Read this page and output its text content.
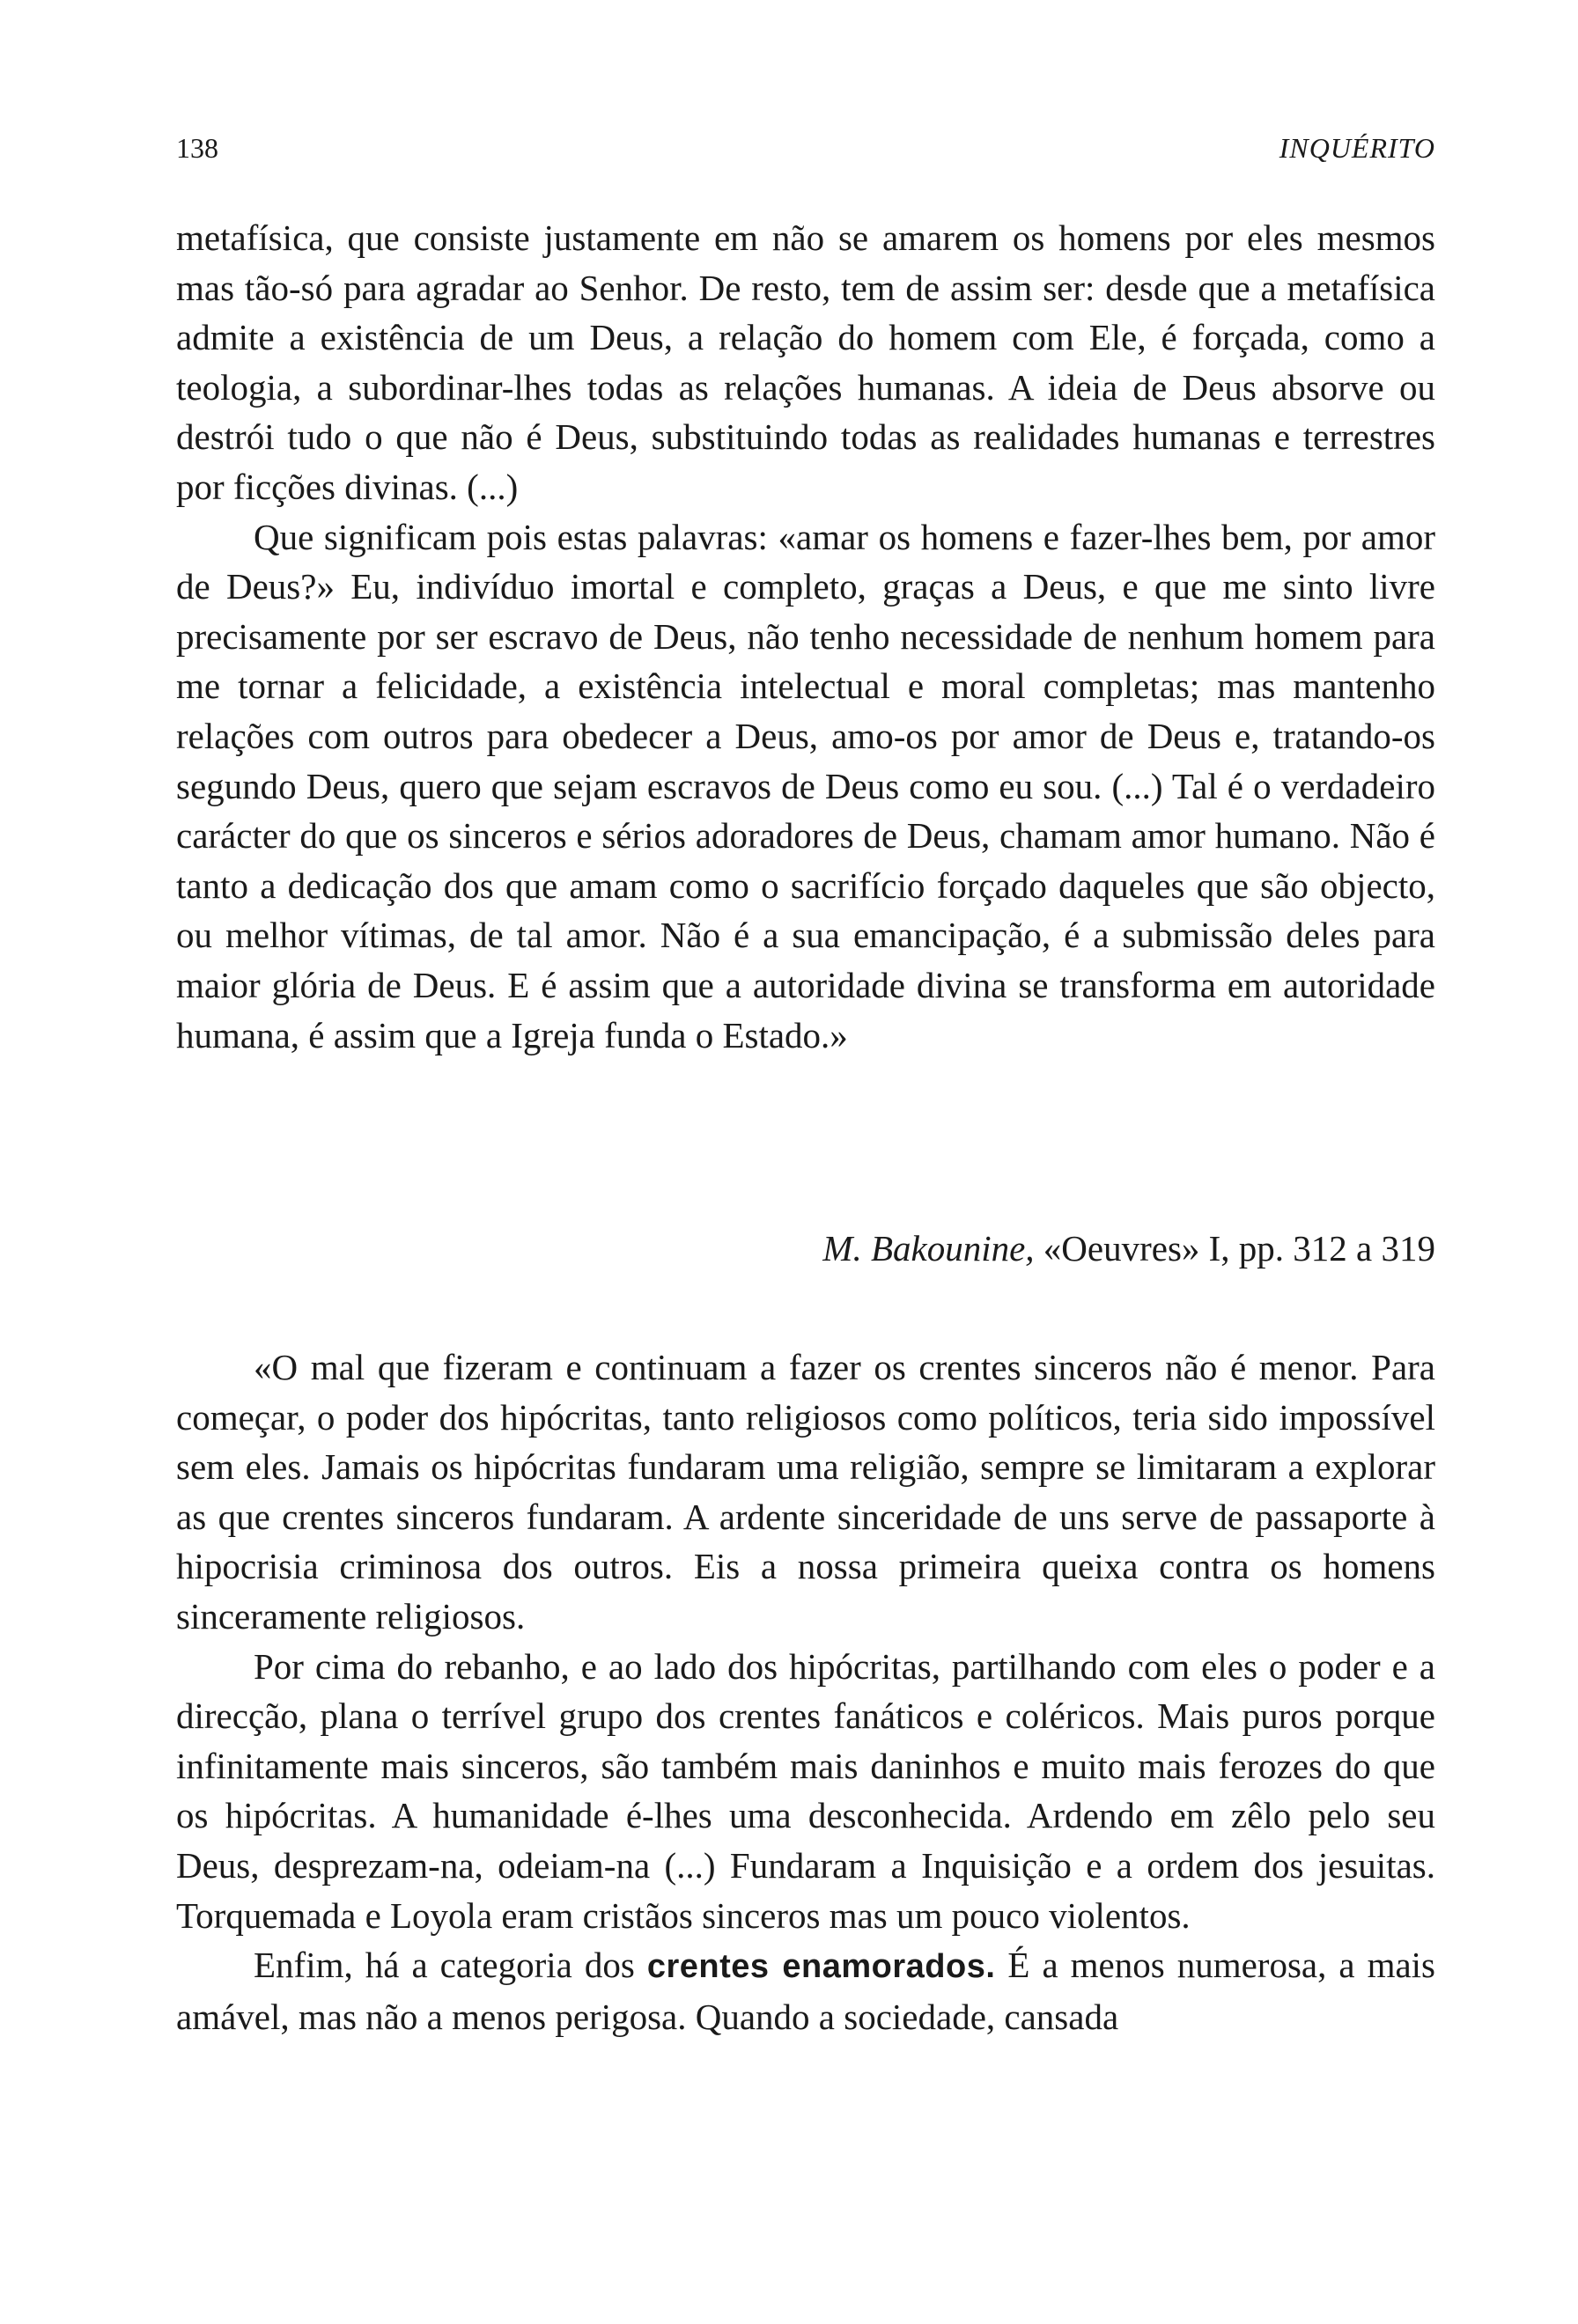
138	INQUÉRITO

metafísica, que consiste justamente em não se amarem os homens por eles mesmos mas tão-só para agradar ao Senhor. De resto, tem de assim ser: desde que a metafísica admite a existência de um Deus, a relação do homem com Ele, é forçada, como a teologia, a subordinar-lhes todas as relações humanas. A ideia de Deus absorve ou destrói tudo o que não é Deus, substituindo todas as realidades humanas e terrestres por ficções divinas. (...)

Que significam pois estas palavras: «amar os homens e fazer-lhes bem, por amor de Deus?» Eu, indivíduo imortal e completo, graças a Deus, e que me sinto livre precisamente por ser escravo de Deus, não tenho necessidade de nenhum homem para me tornar a felicidade, a existência intelectual e moral completas; mas mantenho relações com outros para obedecer a Deus, amo-os por amor de Deus e, tratando-os segundo Deus, quero que sejam escravos de Deus como eu sou. (...) Tal é o verdadeiro carácter do que os sinceros e sérios adoradores de Deus, chamam amor humano. Não é tanto a dedicação dos que amam como o sacrifício forçado daqueles que são objecto, ou melhor vítimas, de tal amor. Não é a sua emancipação, é a submissão deles para maior glória de Deus. E é assim que a autoridade divina se transforma em autoridade humana, é assim que a Igreja funda o Estado.»

M. Bakounine, «Oeuvres» I, pp. 312 a 319

«O mal que fizeram e continuam a fazer os crentes sinceros não é menor. Para começar, o poder dos hipócritas, tanto religiosos como políticos, teria sido impossível sem eles. Jamais os hipócritas fundaram uma religião, sempre se limitaram a explorar as que crentes sinceros fundaram. A ardente sinceridade de uns serve de passaporte à hipocrisia criminosa dos outros. Eis a nossa primeira queixa contra os homens sinceramente religiosos.

Por cima do rebanho, e ao lado dos hipócritas, partilhando com eles o poder e a direcção, plana o terrível grupo dos crentes fanáticos e coléricos. Mais puros porque infinitamente mais sinceros, são também mais daninhos e muito mais ferozes do que os hipócritas. A humanidade é-lhes uma desconhecida. Ardendo em zêlo pelo seu Deus, desprezam-na, odeiam-na (...) Fundaram a Inquisição e a ordem dos jesuitas. Torquemada e Loyola eram cristãos sinceros mas um pouco violentos.

Enfim, há a categoria dos crentes enamorados. É a menos numerosa, a mais amável, mas não a menos perigosa. Quando a sociedade, cansada
